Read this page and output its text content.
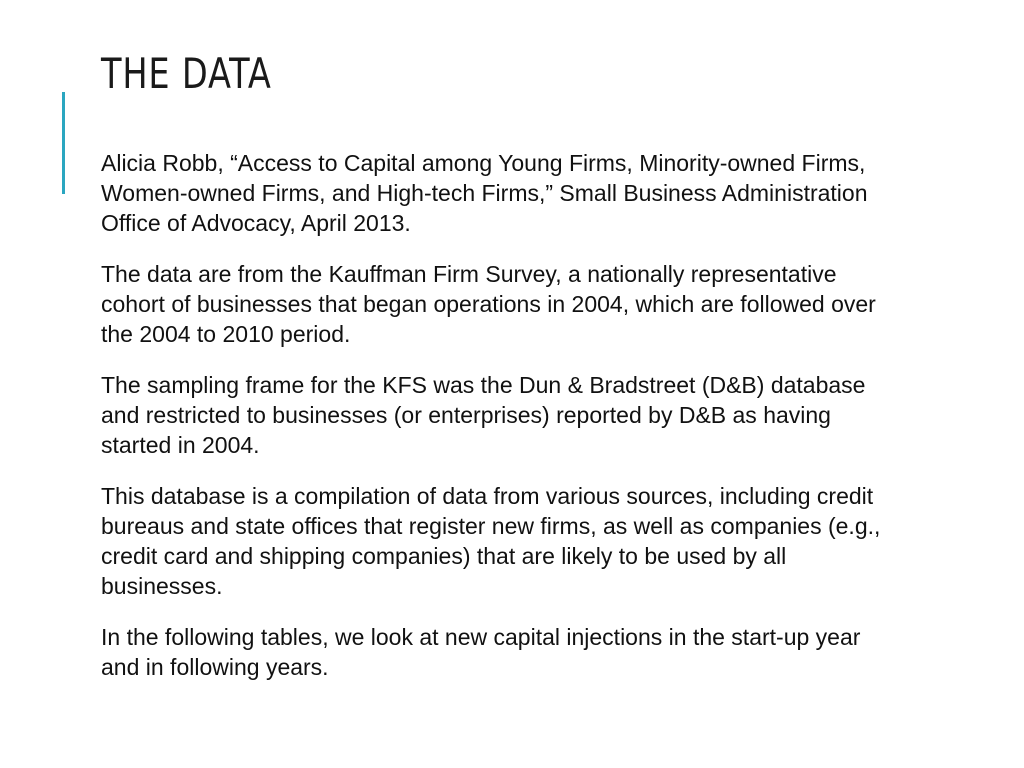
THE DATA

Alicia Robb, “Access to Capital among Young Firms, Minority-owned Firms, Women-owned Firms, and High-tech Firms,” Small Business Administration Office of Advocacy, April 2013.

The data are from the Kauffman Firm Survey, a nationally representative cohort of businesses that began operations in 2004, which are followed over the 2004 to 2010 period.

The sampling frame for the KFS was the Dun & Bradstreet (D&B) database and restricted to businesses (or enterprises) reported by D&B as having started in 2004.

This database is a compilation of data from various sources, including credit bureaus and state offices that register new firms, as well as companies (e.g., credit card and shipping companies) that are likely to be used by all businesses.

In the following tables, we look at new capital injections in the start-up year and in following years.
